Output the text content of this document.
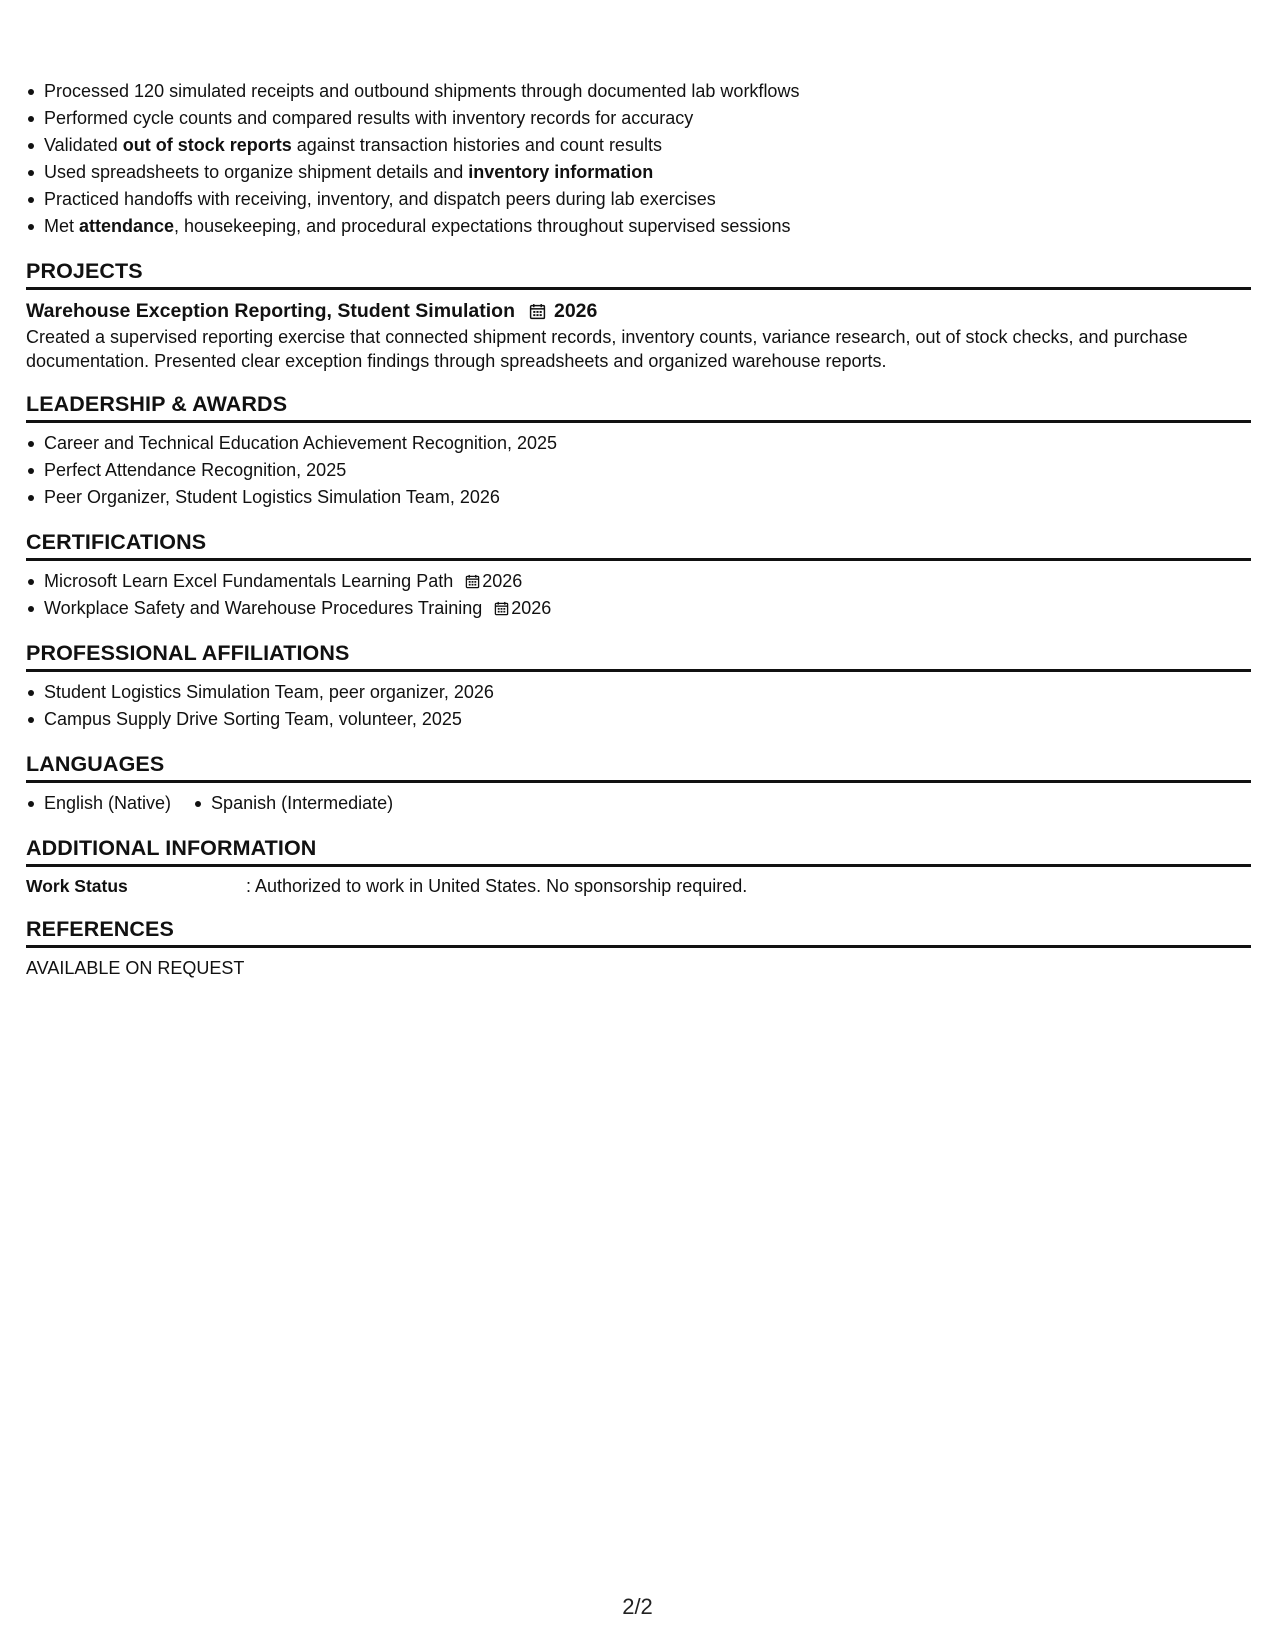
Processed 120 simulated receipts and outbound shipments through documented lab workflows
Performed cycle counts and compared results with inventory records for accuracy
Validated out of stock reports against transaction histories and count results
Used spreadsheets to organize shipment details and inventory information
Practiced handoffs with receiving, inventory, and dispatch peers during lab exercises
Met attendance, housekeeping, and procedural expectations throughout supervised sessions
PROJECTS
Warehouse Exception Reporting, Student Simulation 2026
Created a supervised reporting exercise that connected shipment records, inventory counts, variance research, out of stock checks, and purchase documentation. Presented clear exception findings through spreadsheets and organized warehouse reports.
LEADERSHIP & AWARDS
Career and Technical Education Achievement Recognition, 2025
Perfect Attendance Recognition, 2025
Peer Organizer, Student Logistics Simulation Team, 2026
CERTIFICATIONS
Microsoft Learn Excel Fundamentals Learning Path 2026
Workplace Safety and Warehouse Procedures Training 2026
PROFESSIONAL AFFILIATIONS
Student Logistics Simulation Team, peer organizer, 2026
Campus Supply Drive Sorting Team, volunteer, 2025
LANGUAGES
English (Native) Spanish (Intermediate)
ADDITIONAL INFORMATION
Work Status	: Authorized to work in United States. No sponsorship required.
REFERENCES
AVAILABLE ON REQUEST
2/2
